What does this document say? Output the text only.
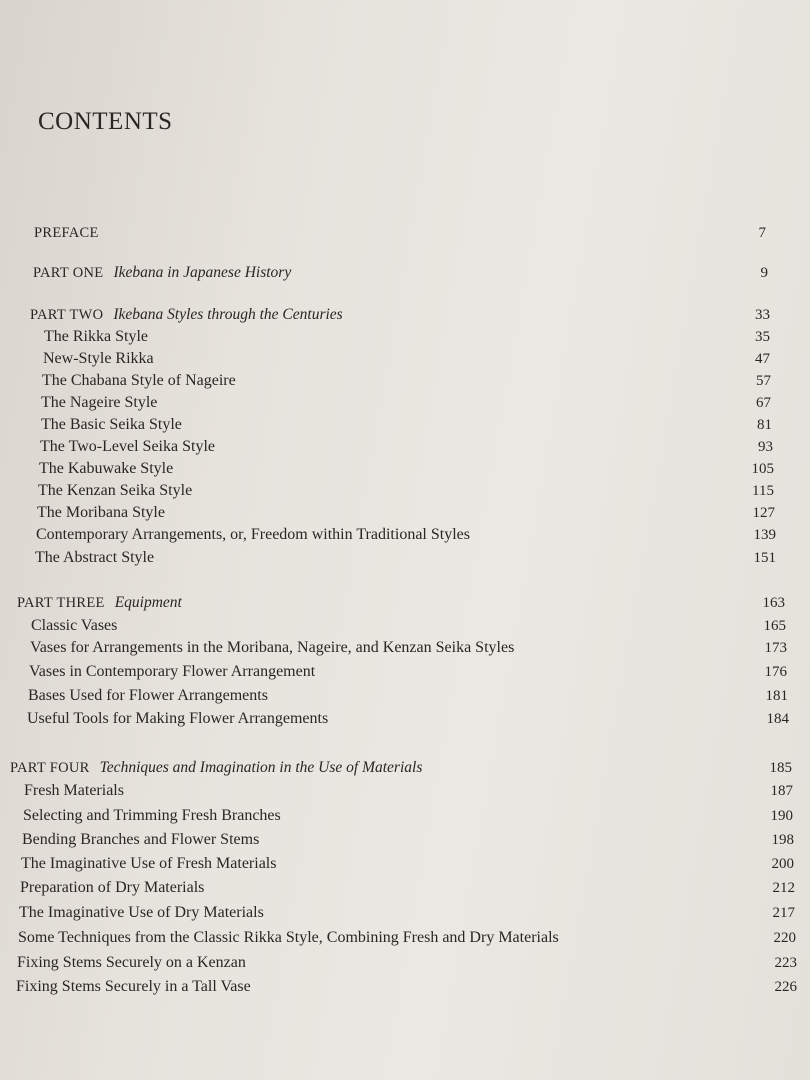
CONTENTS
PREFACE	7
PART ONE Ikebana in Japanese History	9
PART TWO Ikebana Styles through the Centuries	33
The Rikka Style	35
New-Style Rikka	47
The Chabana Style of Nageire	57
The Nageire Style	67
The Basic Seika Style	81
The Two-Level Seika Style	93
The Kabuwake Style	105
The Kenzan Seika Style	115
The Moribana Style	127
Contemporary Arrangements, or, Freedom within Traditional Styles	139
The Abstract Style	151
PART THREE Equipment	163
Classic Vases	165
Vases for Arrangements in the Moribana, Nageire, and Kenzan Seika Styles	173
Vases in Contemporary Flower Arrangement	176
Bases Used for Flower Arrangements	181
Useful Tools for Making Flower Arrangements	184
PART FOUR Techniques and Imagination in the Use of Materials	185
Fresh Materials	187
Selecting and Trimming Fresh Branches	190
Bending Branches and Flower Stems	198
The Imaginative Use of Fresh Materials	200
Preparation of Dry Materials	212
The Imaginative Use of Dry Materials	217
Some Techniques from the Classic Rikka Style, Combining Fresh and Dry Materials	220
Fixing Stems Securely on a Kenzan	223
Fixing Stems Securely in a Tall Vase	226
